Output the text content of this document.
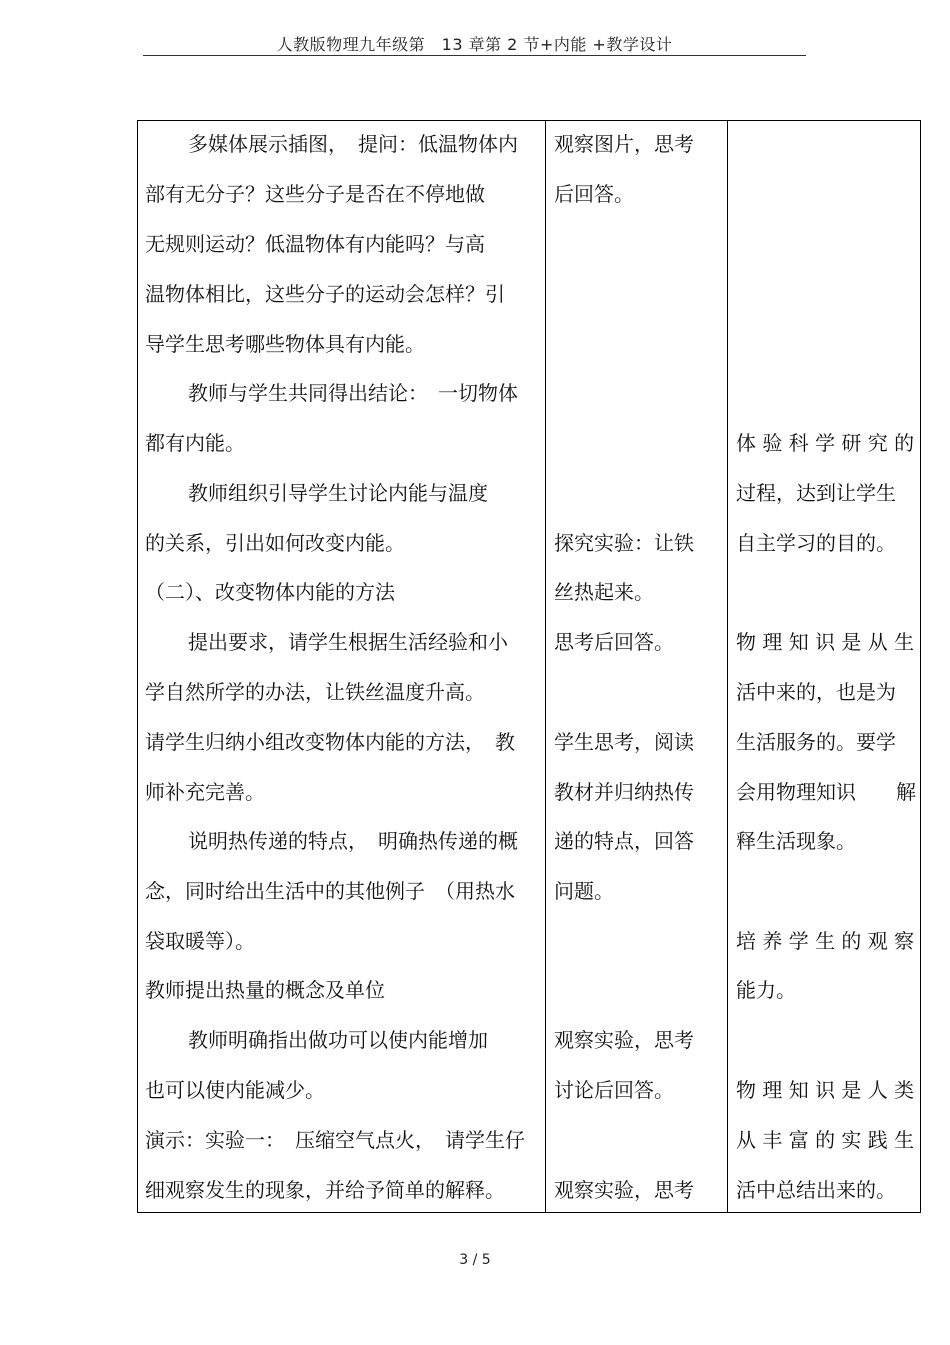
人教版物理九年级第　13 章第 2 节+内能 +教学设计
多媒体展示插图，　提问：低温物体内
部有无分子？这些分子是否在不停地做
无规则运动？低温物体有内能吗？与高
温物体相比，这些分子的运动会怎样？引
导学生思考哪些物体具有内能。
教师与学生共同得出结论：　一切物体
都有内能。
教师组织引导学生讨论内能与温度
的关系，引出如何改变内能。
（二）、改变物体内能的方法
提出要求，请学生根据生活经验和小
学自然所学的办法，让铁丝温度升高。
请学生归纳小组改变物体内能的方法，　教
师补充完善。
说明热传递的特点，　明确热传递的概
念，同时给出生活中的其他例子　（用热水
袋取暖等）。
教师提出热量的概念及单位
教师明确指出做功可以使内能增加
也可以使内能减少。
演示：实验一：　压缩空气点火，　请学生仔
细观察发生的现象，并给予简单的解释。
观察图片，思考
后回答。
探究实验：让铁
丝热起来。
思考后回答。
学生思考，阅读
教材并归纳热传
递的特点，回答
问题。
观察实验，思考
讨论后回答。
观察实验，思考
体 验 科 学 研 究 的
过程，达到让学生
自主学习的目的。
物 理 知 识 是 从 生
活中来的，也是为
生活服务的。要学
会用物理知识　　解
释生活现象。
培 养 学 生 的 观 察
能力。
物 理 知 识 是 人 类
从 丰 富 的 实 践 生
活中总结出来的。
3 / 5
